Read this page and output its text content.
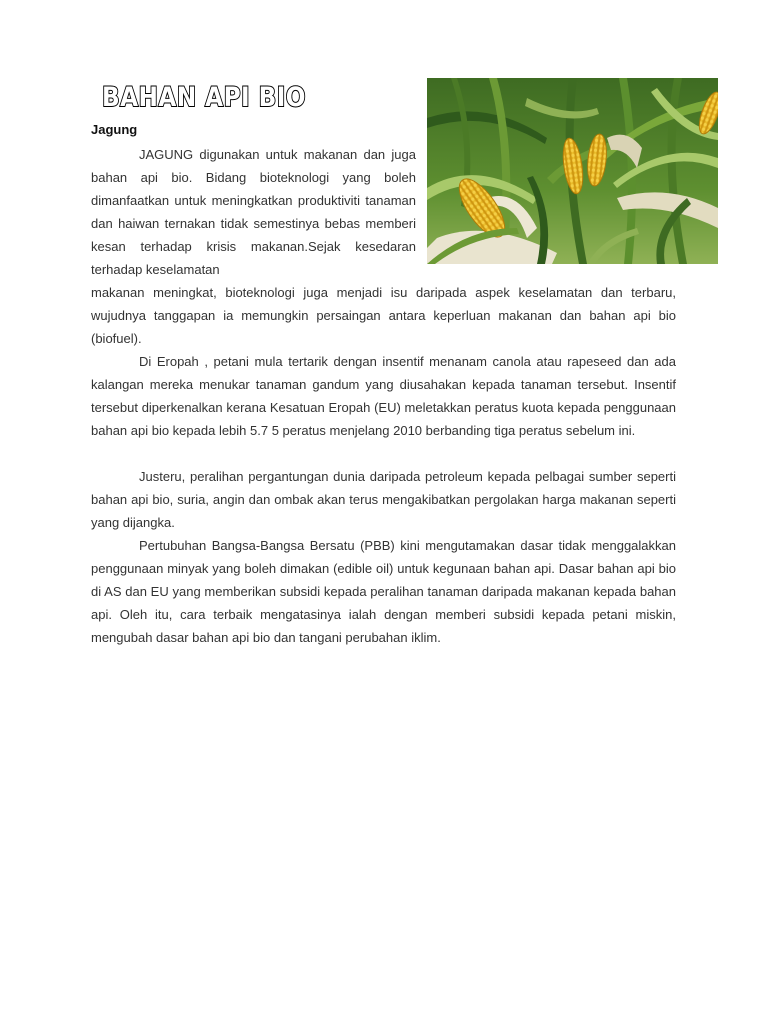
BAHAN API BIO
Jagung

JAGUNG digunakan untuk makanan dan juga bahan api bio. Bidang bioteknologi yang boleh dimanfaatkan untuk meningkatkan produktiviti tanaman dan haiwan ternakan tidak semestinya bebas memberi kesan terhadap krisis makanan.Sejak kesedaran terhadap keselamatan

makanan meningkat, bioteknologi juga menjadi isu daripada aspek keselamatan dan terbaru, wujudnya tanggapan ia memungkin persaingan antara keperluan makanan dan bahan api bio (biofuel).

Di Eropah , petani mula tertarik dengan insentif menanam canola atau rapeseed dan ada kalangan mereka menukar tanaman gandum yang diusahakan kepada tanaman tersebut. Insentif tersebut diperkenalkan kerana Kesatuan Eropah (EU) meletakkan peratus kuota kepada penggunaan bahan api bio kepada lebih 5.7 5 peratus menjelang 2010 berbanding tiga peratus sebelum ini.

Justeru, peralihan pergantungan dunia daripada petroleum kepada pelbagai sumber seperti bahan api bio, suria, angin dan ombak akan terus mengakibatkan pergolakan harga makanan seperti yang dijangka.

Pertubuhan Bangsa-Bangsa Bersatu (PBB) kini mengutamakan dasar tidak menggalakkan penggunaan minyak yang boleh dimakan (edible oil) untuk kegunaan bahan api. Dasar bahan api bio di AS dan EU yang memberikan subsidi kepada peralihan tanaman daripada makanan kepada bahan api. Oleh itu, cara terbaik mengatasinya ialah dengan memberi subsidi kepada petani miskin, mengubah dasar bahan api bio dan tangani perubahan iklim.
